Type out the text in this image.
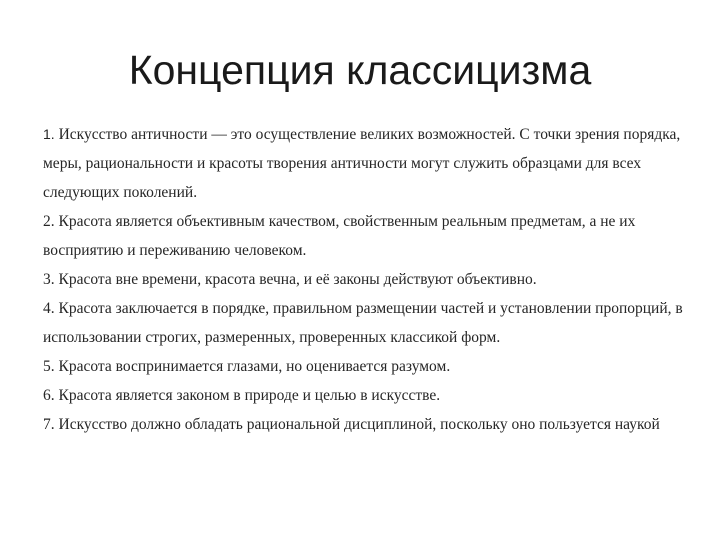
Концепция классицизма
1. Искусство античности — это осуществление великих возможностей. С точки зрения порядка, меры, рациональности и красоты творения античности могут служить образцами для всех следующих поколений.
2. Красота является объективным качеством, свойственным реальным предметам, а не их восприятию и переживанию человеком.
3. Красота вне времени, красота вечна, и её законы действуют объективно.
4. Красота заключается в порядке, правильном размещении частей и установлении пропорций, в использовании строгих, размеренных, проверенных классикой форм.
5. Красота воспринимается глазами, но оценивается разумом.
6. Красота является законом в природе и целью в искусстве.
7. Искусство должно обладать рациональной дисциплиной, поскольку оно пользуется наукой
